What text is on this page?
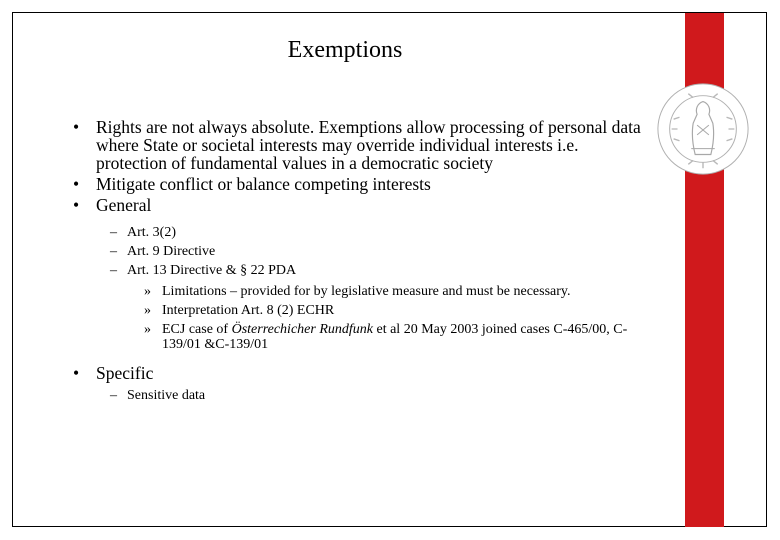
Exemptions
• Rights are not always absolute. Exemptions allow processing of personal data where State or societal interests may override individual interests i.e. protection of fundamental values in a democratic society
• Mitigate conflict or balance competing interests
• General
– Art. 3(2)
– Art. 9 Directive
– Art. 13 Directive & § 22 PDA
» Limitations – provided for by legislative measure and must be necessary.
» Interpretation Art. 8 (2) ECHR
» ECJ case of Österrechicher Rundfunk et al 20 May 2003 joined cases C-465/00, C-139/01 &C-139/01
• Specific
– Sensitive data
